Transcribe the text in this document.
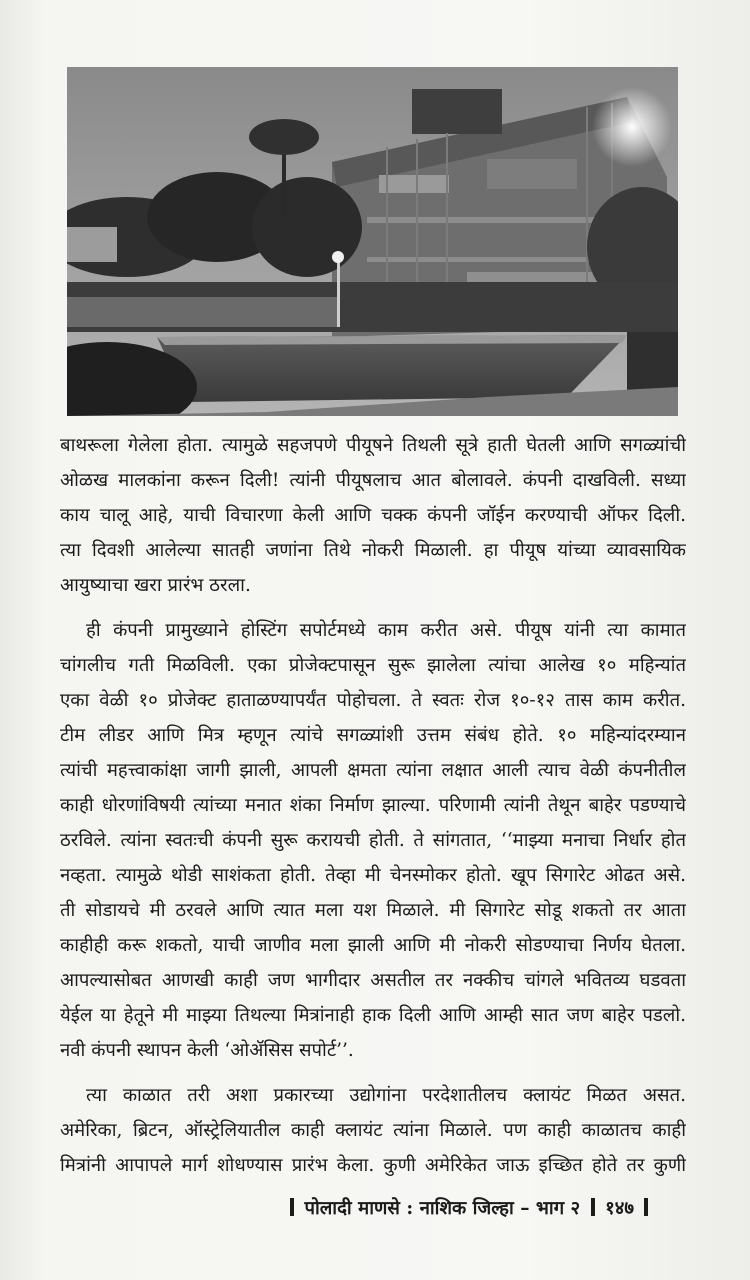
बाथरूला गेलेला होता. त्यामुळे सहजपणे पीयूषने तिथली सूत्रे हाती घेतली आणि सगळ्यांची
ओळख मालकांना करून दिली! त्यांनी पीयूषलाच आत बोलावले. कंपनी दाखविली. सध्या
काय चालू आहे, याची विचारणा केली आणि चक्क कंपनी जॉईन करण्याची ऑफर दिली.
त्या दिवशी आलेल्या सातही जणांना तिथे नोकरी मिळाली. हा पीयूष यांच्या व्यावसायिक
आयुष्याचा खरा प्रारंभ ठरला.
ही कंपनी प्रामुख्याने होस्टिंग सपोर्टमध्ये काम करीत असे. पीयूष यांनी त्या कामात
चांगलीच गती मिळविली. एका प्रोजेक्टपासून सुरू झालेला त्यांचा आलेख १० महिन्यांत
एका वेळी १० प्रोजेक्ट हाताळण्यापर्यंत पोहोचला. ते स्वतः रोज १०-१२ तास काम करीत.
टीम लीडर आणि मित्र म्हणून त्यांचे सगळ्यांशी उत्तम संबंध होते. १० महिन्यांदरम्यान
त्यांची महत्त्वाकांक्षा जागी झाली, आपली क्षमता त्यांना लक्षात आली त्याच वेळी कंपनीतील
काही धोरणांविषयी त्यांच्या मनात शंका निर्माण झाल्या. परिणामी त्यांनी तेथून बाहेर पडण्याचे
ठरविले. त्यांना स्वतःची कंपनी सुरू करायची होती. ते सांगतात, ‘‘माझ्या मनाचा निर्धार होत
नव्हता. त्यामुळे थोडी साशंकता होती. तेव्हा मी चेनस्मोकर होतो. खूप सिगारेट ओढत असे.
ती सोडायचे मी ठरवले आणि त्यात मला यश मिळाले. मी सिगारेट सोडू शकतो तर आता
काहीही करू शकतो, याची जाणीव मला झाली आणि मी नोकरी सोडण्याचा निर्णय घेतला.
आपल्यासोबत आणखी काही जण भागीदार असतील तर नक्कीच चांगले भवितव्य घडवता
येईल या हेतूने मी माझ्या तिथल्या मित्रांनाही हाक दिली आणि आम्ही सात जण बाहेर पडलो.
नवी कंपनी स्थापन केली ‘ओॲसिस सपोर्ट’’.
त्या काळात तरी अशा प्रकारच्या उद्योगांना परदेशातीलच क्लायंट मिळत असत.
अमेरिका, ब्रिटन, ऑस्ट्रेलियातील काही क्लायंट त्यांना मिळाले. पण काही काळातच काही
मित्रांनी आपापले मार्ग शोधण्यास प्रारंभ केला. कुणी अमेरिकेत जाऊ इच्छित होते तर कुणी
पोलादी माणसे : नाशिक जिल्हा – भाग २ १४७
